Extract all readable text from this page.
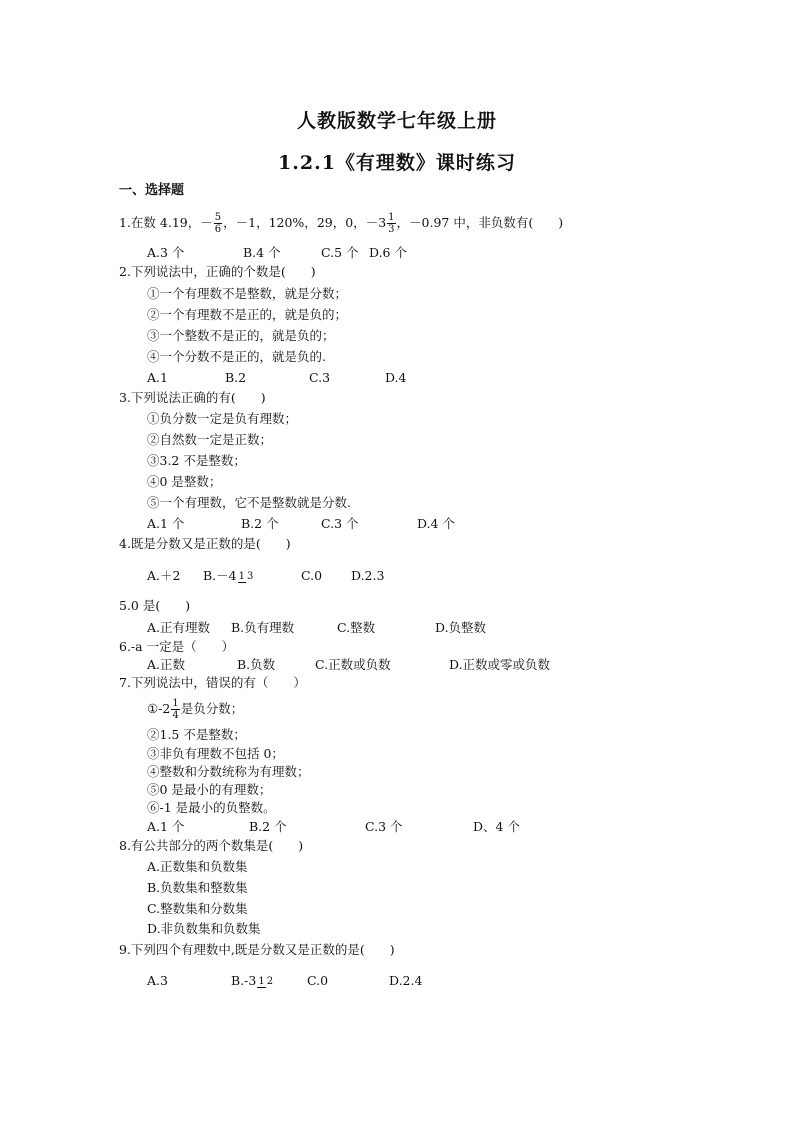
人教版数学七年级上册
1.2.1《有理数》课时练习
一、选择题
1.在数 4.19，－ $\frac{5}{6}$ ，－1，120%，29，0，$-3 \frac{1}{3}$ ，－0.97 中，非负数有(　　)
A.3 个	B.4 个	C.5 个 D.6 个
2.下列说法中，正确的个数是(　　)
①一个有理数不是整数，就是分数；
②一个有理数不是正的，就是负的；
③一个整数不是正的，就是负的；
④一个分数不是正的，就是负的.
A.1	B.2	C.3	D.4
3.下列说法正确的有(　　)
①负分数一定是负有理数；
②自然数一定是正数；
③3.2 不是整数；
④0 是整数；
⑤一个有理数，它不是整数就是分数.
A.1 个	B.2 个	C.3 个	D.4 个
4.既是分数又是正数的是(　　)
A.＋2	B.－4 1 3	C.0	D.2.3
5.0 是(　　)
A.正有理数	B.负有理数	C.整数	D.负整数
6.-a 一定是（　　）
A.正数	B.负数	C.正数或负数	D.正数或零或负数
7.下列说法中，错误的有（　　）
①-2 $\frac{1}{4}$ 是负分数；
②1.5 不是整数；
③非负有理数不包括 0；
④整数和分数统称为有理数；
⑤0 是最小的有理数；
⑥-1 是最小的负整数。
A.1 个	B.2 个	C.3 个	D、4 个
8.有公共部分的两个数集是(　　)
A.正数集和负数集
B.负数集和整数集
C.整数集和分数集
D.非负数集和负数集
9.下列四个有理数中,既是分数又是正数的是(　　)
A.3	B.-3 1 2	C.0	D.2.4
